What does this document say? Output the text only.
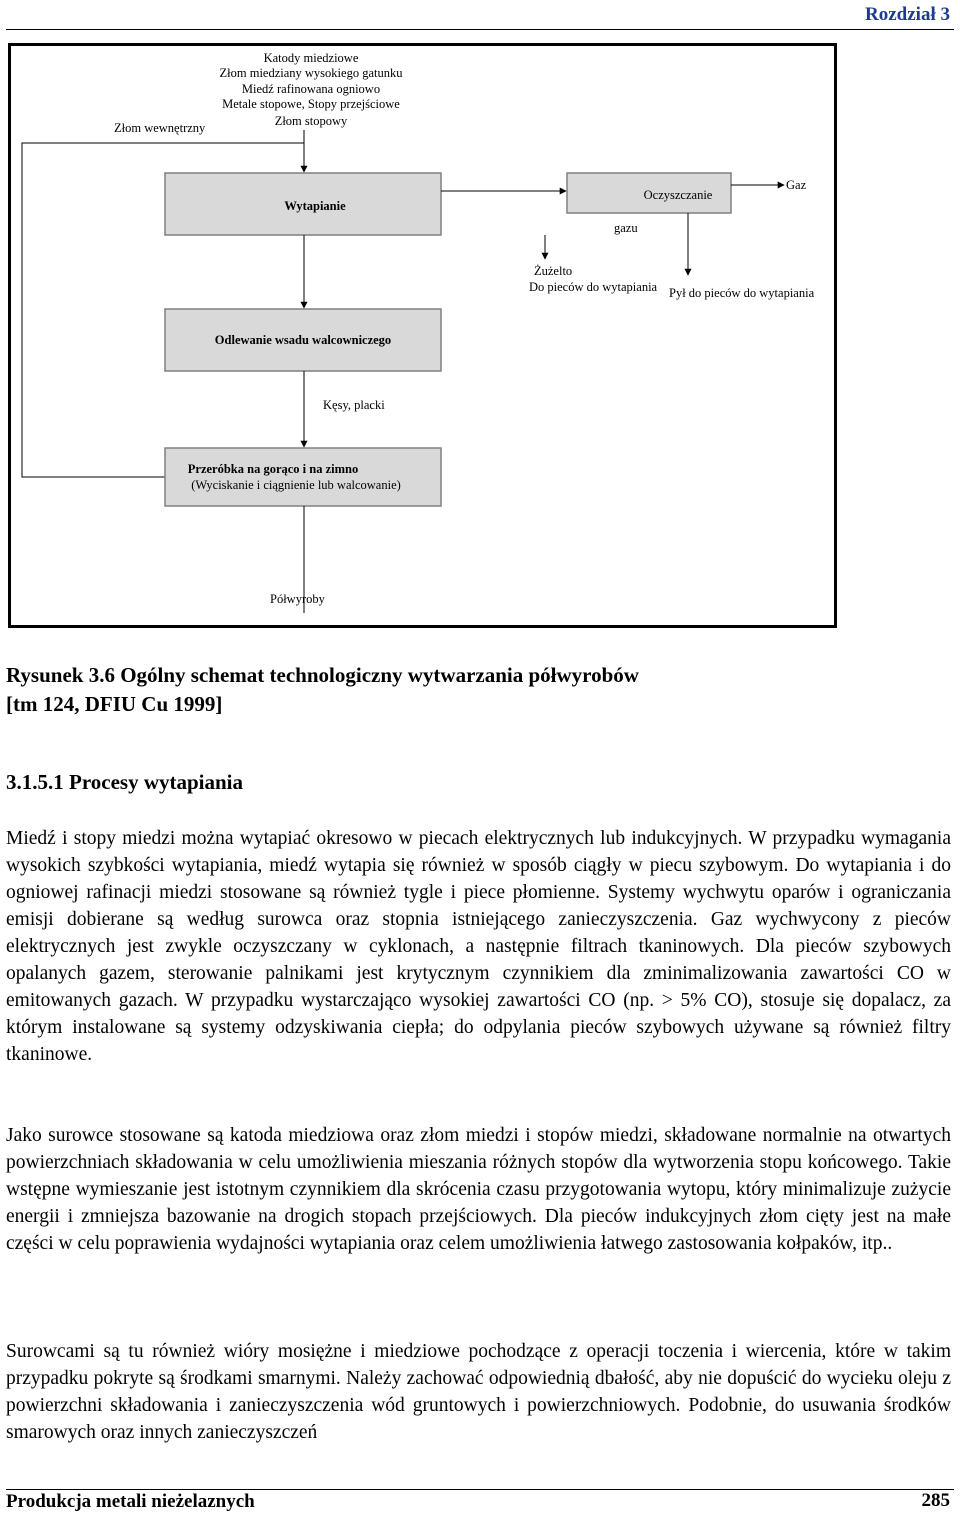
Rozdział 3
Katody miedziowe
Złom miedziany wysokiego gatunku
Miedź rafinowana ogniowo
Metale stopowe, Stopy przejściowe
Złom stopowy
Złom wewnętrzny
Wytapianie
gazu
Oczyszczanie
Gaz
Żużelto
Do pieców do wytapiania Pył do pieców do wytapiania
Odlewanie wsadu walcowniczego
Kęsy, placki
Przeróbka na gorąco i na zimno
(Wyciskanie i ciągnienie lub walcowanie)
Półwyroby
Rysunek 3.6 Ogólny schemat technologiczny wytwarzania półwyrobów
[tm 124, DFIU Cu 1999]
3.1.5.1 Procesy wytapiania

Miedź i stopy miedzi można wytapiać okresowo w piecach elektrycznych lub indukcyjnych. W przypadku wymagania wysokich szybkości wytapiania, miedź wytapia się również w sposób ciągły w piecu szybowym. Do wytapiania i do ogniowej rafinacji miedzi stosowane są również tygle i piece płomienne. Systemy wychwytu oparów i ograniczania emisji dobierane są według surowca oraz stopnia istniejącego zanieczyszczenia. Gaz wychwycony z pieców elektrycznych jest zwykle oczyszczany w cyklonach, a następnie filtrach tkaninowych. Dla pieców szybowych opalanych gazem, sterowanie palnikami jest krytycznym czynnikiem dla zminimalizowania zawartości CO w emitowanych gazach. W przypadku wystarczająco wysokiej zawartości CO (np. > 5% CO), stosuje się dopalacz, za którym instalowane są systemy odzyskiwania ciepła; do odpylania pieców szybowych używane są również filtry tkaninowe.

Jako surowce stosowane są katoda miedziowa oraz złom miedzi i stopów miedzi, składowane normalnie na otwartych powierzchniach składowania w celu umożliwienia mieszania różnych stopów dla wytworzenia stopu końcowego. Takie wstępne wymieszanie jest istotnym czynnikiem dla skrócenia czasu przygotowania wytopu, który minimalizuje zużycie energii i zmniejsza bazowanie na drogich stopach przejściowych. Dla pieców indukcyjnych złom cięty jest na małe części w celu poprawienia wydajności wytapiania oraz celem umożliwienia łatwego zastosowania kołpaków, itp..

Surowcami są tu również wióry mosiężne i miedziowe pochodzące z operacji toczenia i wiercenia, które w takim przypadku pokryte są środkami smarnymi. Należy zachować odpowiednią dbałość, aby nie dopuścić do wycieku oleju z powierzchni składowania i zanieczyszczenia wód gruntowych i powierzchniowych. Podobnie, do usuwania środków smarowych oraz innych zanieczyszczeń

Produkcja metali nieżelaznych	285
